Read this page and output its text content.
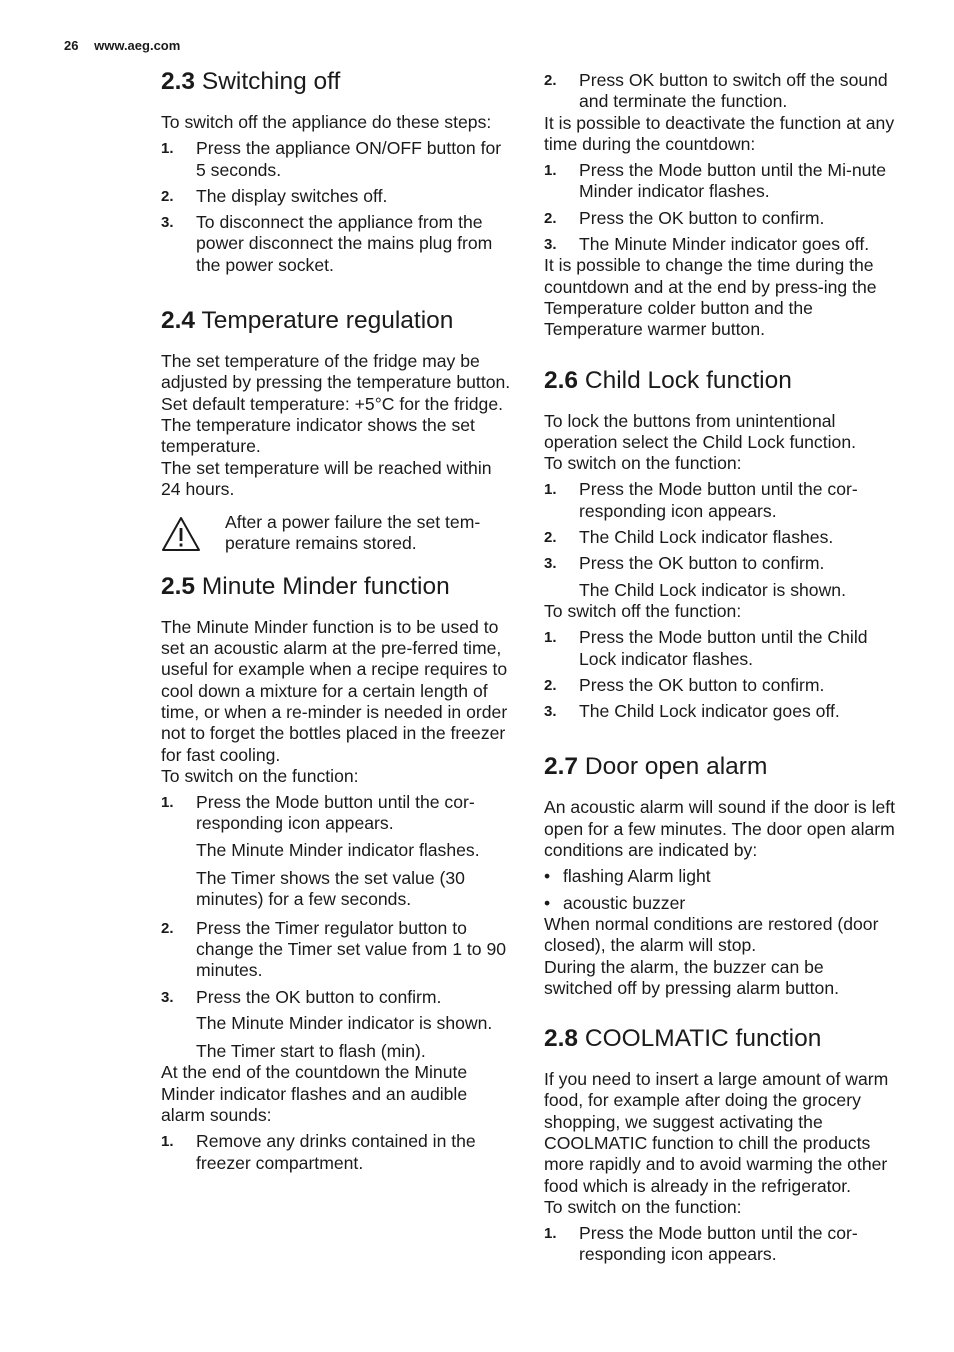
26 www.aeg.com
2.3 Switching off
To switch off the appliance do these steps:
1.	Press the appliance ON/OFF button for 5 seconds.
2.	The display switches off.
3.	To disconnect the appliance from the power disconnect the mains plug from the power socket.
2.4 Temperature regulation
The set temperature of the fridge may be adjusted by pressing the temperature button.
Set default temperature: +5°C for the fridge.
The temperature indicator shows the set temperature.
The set temperature will be reached within 24 hours.
After a power failure the set tem-perature remains stored.
2.5 Minute Minder function
The Minute Minder function is to be used to set an acoustic alarm at the pre-ferred time, useful for example when a recipe requires to cool down a mixture for a certain length of time, or when a re-minder is needed in order not to forget the bottles placed in the freezer for fast cooling.
To switch on the function:
1.	Press the Mode button until the cor-responding icon appears.
The Minute Minder indicator flashes.
The Timer shows the set value (30 minutes) for a few seconds.
2.	Press the Timer regulator button to change the Timer set value from 1 to 90 minutes.
3.	Press the OK button to confirm.
The Minute Minder indicator is shown.
The Timer start to flash (min).
At the end of the countdown the Minute Minder indicator flashes and an audible alarm sounds:
1.	Remove any drinks contained in the freezer compartment.
2.	Press OK button to switch off the sound and terminate the function.
It is possible to deactivate the function at any time during the countdown:
1.	Press the Mode button until the Mi-nute Minder indicator flashes.
2.	Press the OK button to confirm.
3.	The Minute Minder indicator goes off.
It is possible to change the time during the countdown and at the end by press-ing the Temperature colder button and the Temperature warmer button.
2.6 Child Lock function
To lock the buttons from unintentional operation select the Child Lock function.
To switch on the function:
1.	Press the Mode button until the cor-responding icon appears.
2.	The Child Lock indicator flashes.
3.	Press the OK button to confirm.
The Child Lock indicator is shown.
To switch off the function:
1.	Press the Mode button until the Child Lock indicator flashes.
2.	Press the OK button to confirm.
3.	The Child Lock indicator goes off.
2.7 Door open alarm
An acoustic alarm will sound if the door is left open for a few minutes. The door open alarm conditions are indicated by:
• flashing Alarm light
• acoustic buzzer
When normal conditions are restored (door closed), the alarm will stop.
During the alarm, the buzzer can be switched off by pressing alarm button.
2.8 COOLMATIC function
If you need to insert a large amount of warm food, for example after doing the grocery shopping, we suggest activating the COOLMATIC function to chill the products more rapidly and to avoid warming the other food which is already in the refrigerator.
To switch on the function:
1.	Press the Mode button until the cor-responding icon appears.
